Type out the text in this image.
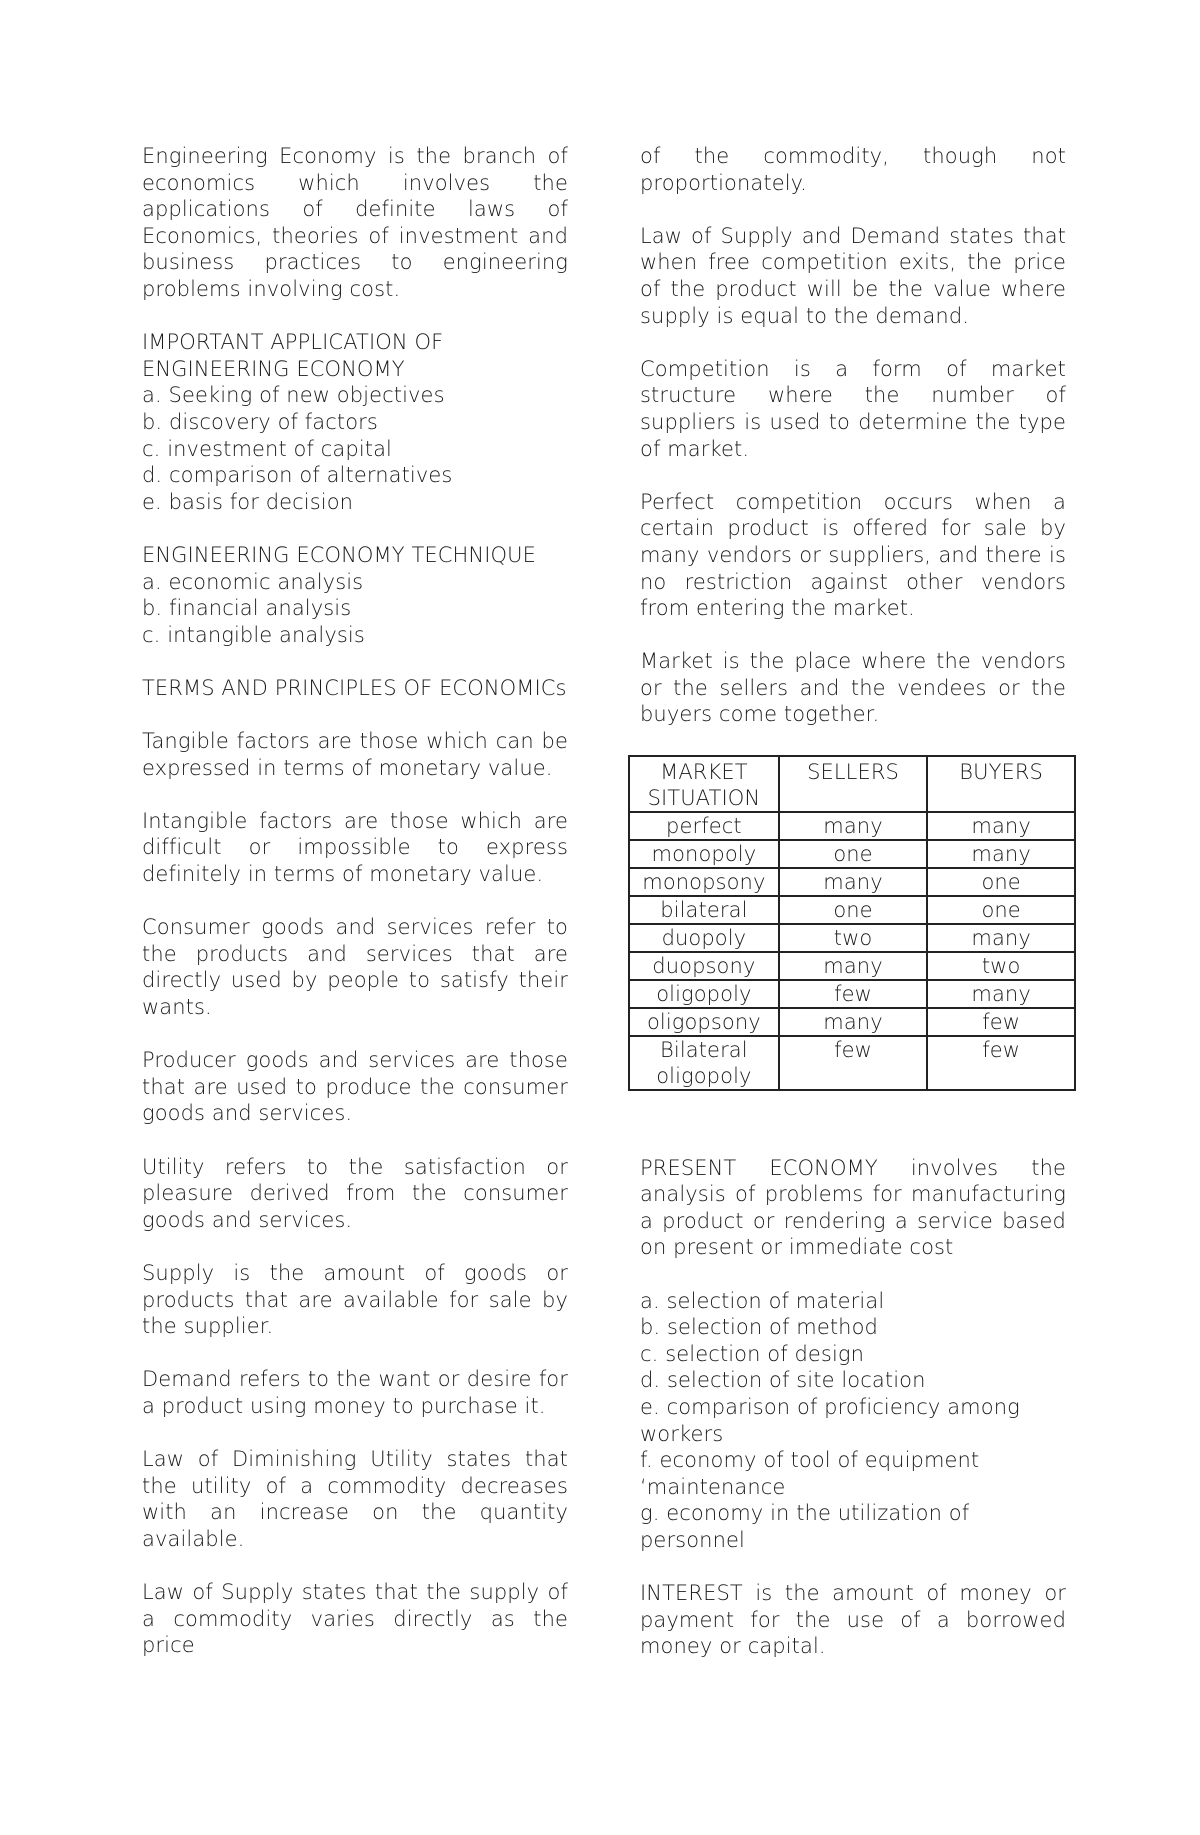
Engineering Economy is the branch of economics which involves the applications of definite laws of Economics, theories of investment and business practices to engineering problems involving cost.

IMPORTANT APPLICATION OF ENGINEERING ECONOMY
a. Seeking of new objectives
b. discovery of factors
c. investment of capital
d. comparison of alternatives
e. basis for decision
ENGINEERING ECONOMY TECHNIQUE
a. economic analysis
b. financial analysis
c. intangible analysis

TERMS AND PRINCIPLES OF ECONOMICs

Tangible factors are those which can be expressed in terms of monetary value.

Intangible factors are those which are difficult or impossible to express definitely in terms of monetary value.

Consumer goods and services refer to the products and services that are directly used by people to satisfy their wants.

Producer goods and services are those that are used to produce the consumer goods and services.

Utility refers to the satisfaction or pleasure derived from the consumer goods and services.

Supply is the amount of goods or products that are available for sale by the supplier.

Demand refers to the want or desire for a product using money to purchase it.

Law of Diminishing Utility states that the utility of a commodity decreases with an increase on the quantity available.

Law of Supply states that the supply of a commodity varies directly as the price

of the commodity, though not proportionately.

Law of Supply and Demand states that when free competition exits, the price of the product will be the value where supply is equal to the demand.

Competition is a form of market structure where the number of suppliers is used to determine the type of market.

Perfect competition occurs when a certain product is offered for sale by many vendors or suppliers, and there is no restriction against other vendors from entering the market.

Market is the place where the vendors or the sellers and the vendees or the buyers come together.

MARKET SITUATION	SELLERS	BUYERS
perfect	many	many
monopoly	one	many
monopsony	many	one
bilateral	one	one
duopoly	two	many
duopsony	many	two
oligopoly	few	many
oligopsony	many	few
Bilateral oligopoly	few	few

PRESENT ECONOMY involves the analysis of problems for manufacturing a product or rendering a service based on present or immediate cost

a. selection of material
b. selection of method
c. selection of design
d. selection of site location
e. comparison of proficiency among workers
f. economy of tool of equipment ‘maintenance
g. economy in the utilization of personnel

INTEREST is the amount of money or payment for the use of a borrowed money or capital.
